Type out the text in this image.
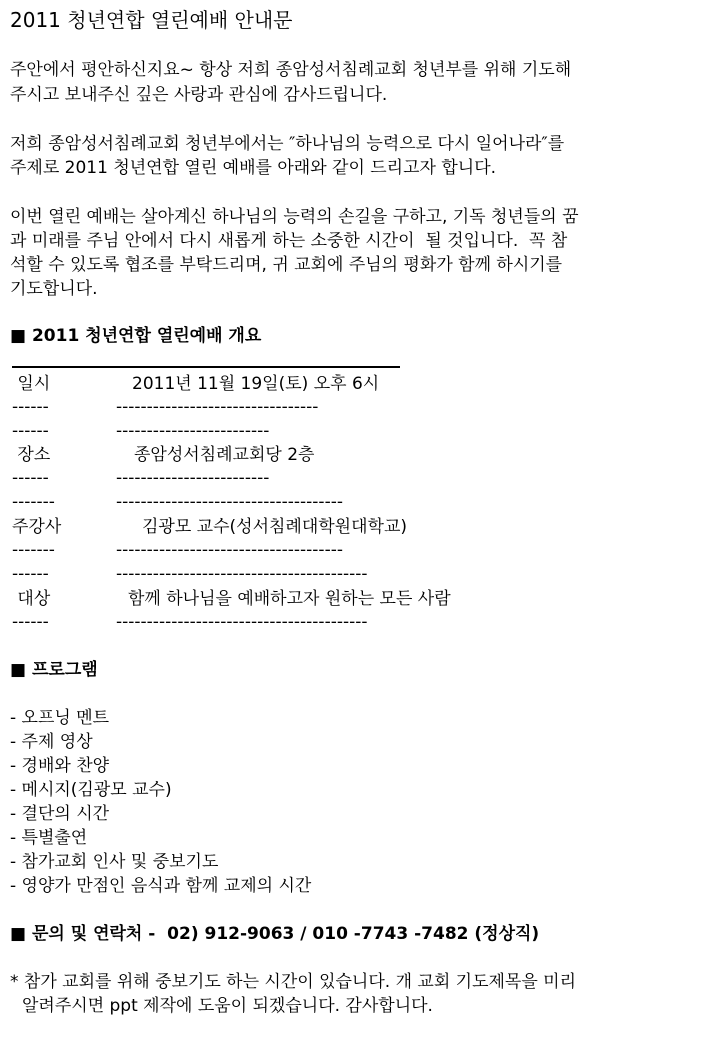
2011 청년연합 열린예배 안내문
주안에서 평안하신지요~ 항상 저희 종암성서침례교회 청년부를 위해 기도해
주시고 보내주신 깊은 사랑과 관심에 감사드립니다.
저희 종암성서침례교회 청년부에서는 ″하나님의 능력으로 다시 일어나라″를
주제로 2011 청년연합 열린 예배를 아래와 같이 드리고자 합니다.
이번 열린 예배는 살아계신 하나님의 능력의 손길을 구하고, 기독 청년들의 꿈
과 미래를 주님 안에서 다시 새롭게 하는 소중한 시간이  될 것입니다.  꼭 참
석할 수 있도록 협조를 부탁드리며, 귀 교회에 주님의 평화가 함께 하시기를
기도합니다.
■ 2011 청년연합 열린예배 개요
일시	2011년 11월 19일(토) 오후 6시
------	---------------------------------
------	-------------------------
장소	종암성서침례교회당 2층
------	-------------------------
-------	-------------------------------------
주강사	김광모 교수(성서침례대학원대학교)
-------	-------------------------------------
------	-----------------------------------------
대상	함께 하나님을 예배하고자 원하는 모든 사람
------	-----------------------------------------
■ 프로그램
- 오프닝 멘트
- 주제 영상
- 경배와 찬양
- 메시지(김광모 교수)
- 결단의 시간
- 특별출연
- 참가교회 인사 및 중보기도
- 영양가 만점인 음식과 함께 교제의 시간
■ 문의 및 연락처 -  02) 912-9063 / 010 -7743 -7482 (정상직)
* 참가 교회를 위해 중보기도 하는 시간이 있습니다. 개 교회 기도제목을 미리
알려주시면 ppt 제작에 도움이 되겠습니다. 감사합니다.
